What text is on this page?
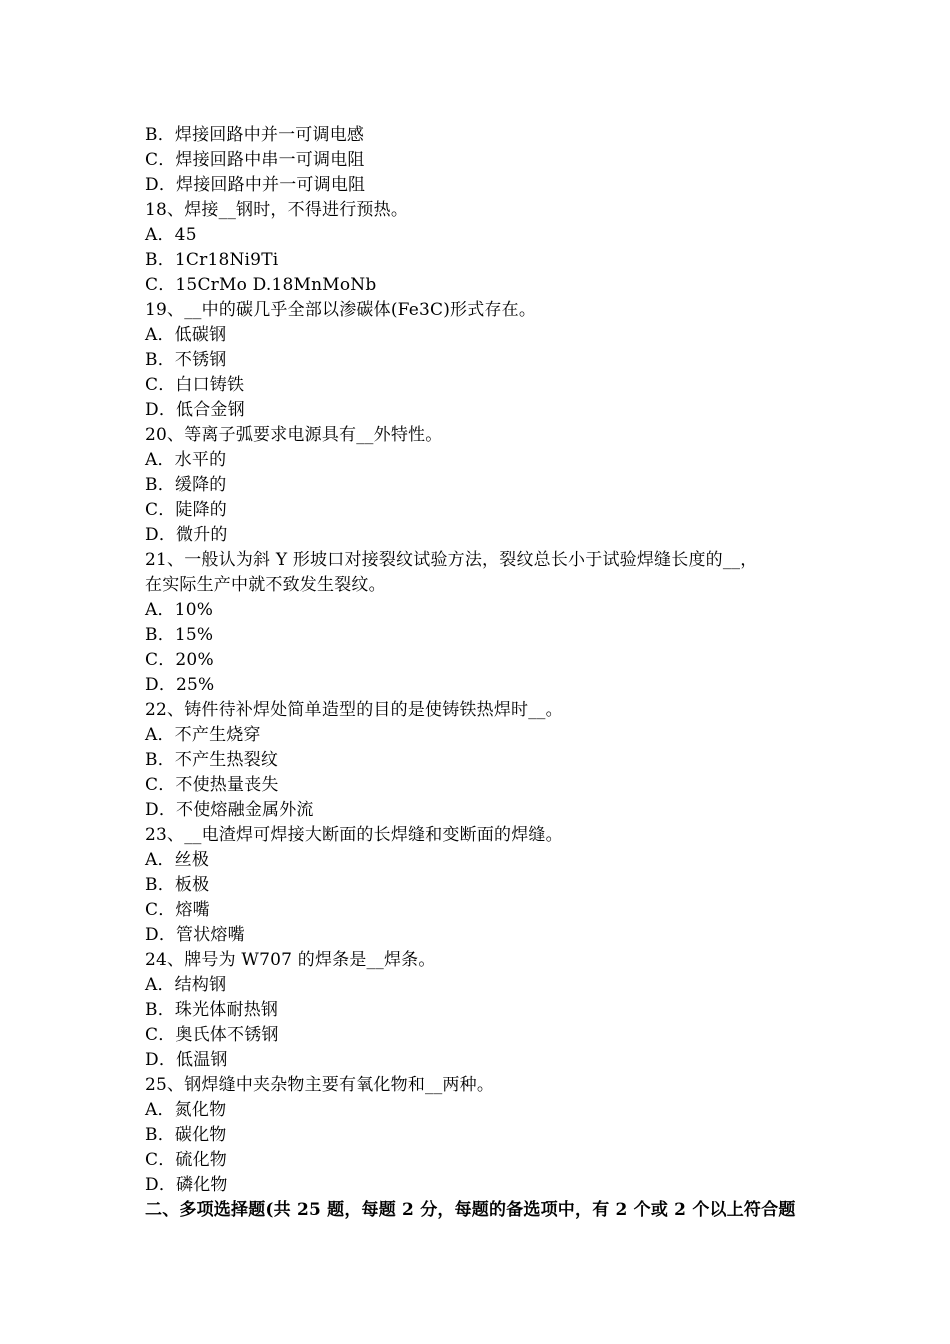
B．焊接回路中并一可调电感
C．焊接回路中串一可调电阻
D．焊接回路中并一可调电阻
18、焊接__钢时，不得进行预热。
A．45
B．1Cr18Ni9Ti
C．15CrMo D.18MnMoNb
19、__中的碳几乎全部以渗碳体(Fe3C)形式存在。
A．低碳钢
B．不锈钢
C．白口铸铁
D．低合金钢
20、等离子弧要求电源具有__外特性。
A．水平的
B．缓降的
C．陡降的
D．微升的
21、一般认为斜 Y 形坡口对接裂纹试验方法，裂纹总长小于试验焊缝长度的__，
在实际生产中就不致发生裂纹。
A．10%
B．15%
C．20%
D．25%
22、铸件待补焊处简单造型的目的是使铸铁热焊时__。
A．不产生烧穿
B．不产生热裂纹
C．不使热量丧失
D．不使熔融金属外流
23、__电渣焊可焊接大断面的长焊缝和变断面的焊缝。
A．丝极
B．板极
C．熔嘴
D．管状熔嘴
24、牌号为 W707 的焊条是__焊条。
A．结构钢
B．珠光体耐热钢
C．奥氏体不锈钢
D．低温钢
25、钢焊缝中夹杂物主要有氧化物和__两种。
A．氮化物
B．碳化物
C．硫化物
D．磷化物
二、多项选择题(共 25 题，每题 2 分，每题的备选项中，有 2 个或 2 个以上符合题
